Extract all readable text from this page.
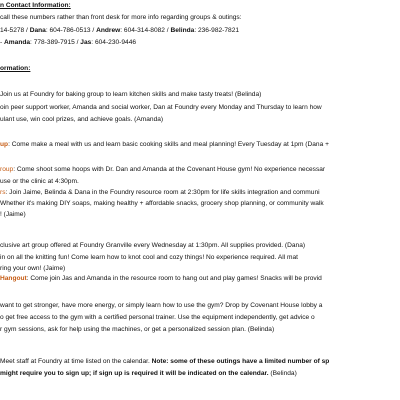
n Contact Information:

call these numbers rather than front desk for more info regarding groups & outings:

14-5278 / Dana: 604-786-0513 / Andrew: 604-314-8082 / Belinda: 236-982-7821

- Amanda: 778-389-7915 / Jas: 604-230-9446

ormation:

Join us at Foundry for baking group to learn kitchen skills and make tasty treats! (Belinda)

oin peer support worker, Amanda and social worker, Dan at Foundry every Monday and Thursday to learn how

ulant use, win cool prizes, and achieve goals. (Amanda)

up: Come make a meal with us and learn basic cooking skills and meal planning! Every Tuesday at 1pm (Dana +

roup: Come shoot some hoops with Dr. Dan and Amanda at the Covenant House gym! No experience necessar

use or the clinic at 4:30pm.

rs: Join Jaime, Belinda & Dana in the Foundry resource room at 2:30pm for life skills integration and communi

Whether it's making DIY soaps, making healthy + affordable snacks, grocery shop planning, or community walk

! (Jaime)

clusive art group offered at Foundry Granville every Wednesday at 1:30pm. All supplies provided. (Dana)

in on all the knitting fun! Come learn how to knot cool and cozy things! No experience required. All mat

ring your own! (Jaime)

Hangout: Come join Jas and Amanda in the resource room to hang out and play games! Snacks will be provid

want to get stronger, have more energy, or simply learn how to use the gym? Drop by Covenant House lobby a

o get free access to the gym with a certified personal trainer. Use the equipment independently, get advice o

r gym sessions, ask for help using the machines, or get a personalized session plan. (Belinda)

Meet staff at Foundry at time listed on the calendar. Note: some of these outings have a limited number of sp

might require you to sign up; if sign up is required it will be indicated on the calendar. (Belinda)
